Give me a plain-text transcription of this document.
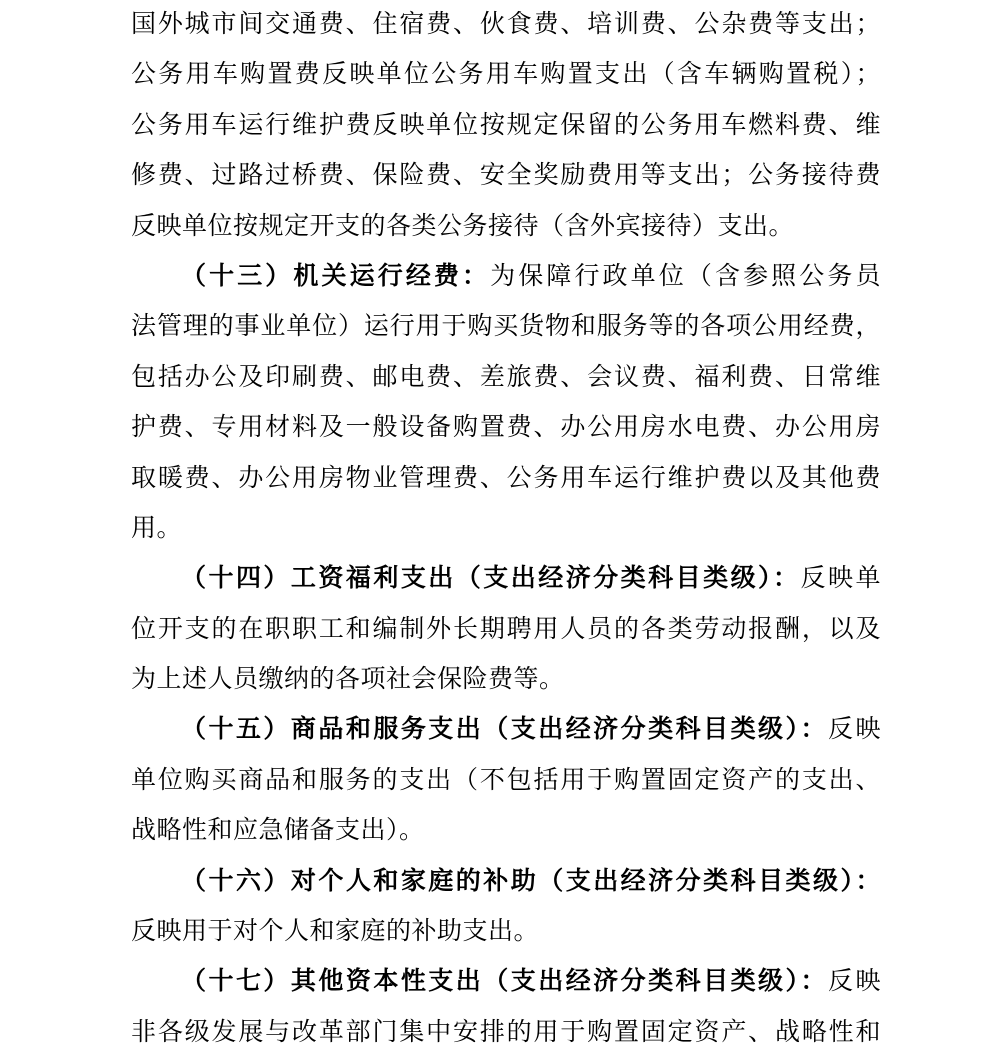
国外城市间交通费、住宿费、伙食费、培训费、公杂费等支出；
公务用车购置费反映单位公务用车购置支出（含车辆购置税）；
公务用车运行维护费反映单位按规定保留的公务用车燃料费、维
修费、过路过桥费、保险费、安全奖励费用等支出；公务接待费
反映单位按规定开支的各类公务接待（含外宾接待）支出。
（十三）机关运行经费：为保障行政单位（含参照公务员
法管理的事业单位）运行用于购买货物和服务等的各项公用经费，
包括办公及印刷费、邮电费、差旅费、会议费、福利费、日常维
护费、专用材料及一般设备购置费、办公用房水电费、办公用房
取暖费、办公用房物业管理费、公务用车运行维护费以及其他费
用。
（十四）工资福利支出（支出经济分类科目类级）：反映单
位开支的在职职工和编制外长期聘用人员的各类劳动报酬，以及
为上述人员缴纳的各项社会保险费等。
（十五）商品和服务支出（支出经济分类科目类级）：反映
单位购买商品和服务的支出（不包括用于购置固定资产的支出、
战略性和应急储备支出）。
（十六）对个人和家庭的补助（支出经济分类科目类级）：
反映用于对个人和家庭的补助支出。
（十七）其他资本性支出（支出经济分类科目类级）：反映
非各级发展与改革部门集中安排的用于购置固定资产、战略性和
